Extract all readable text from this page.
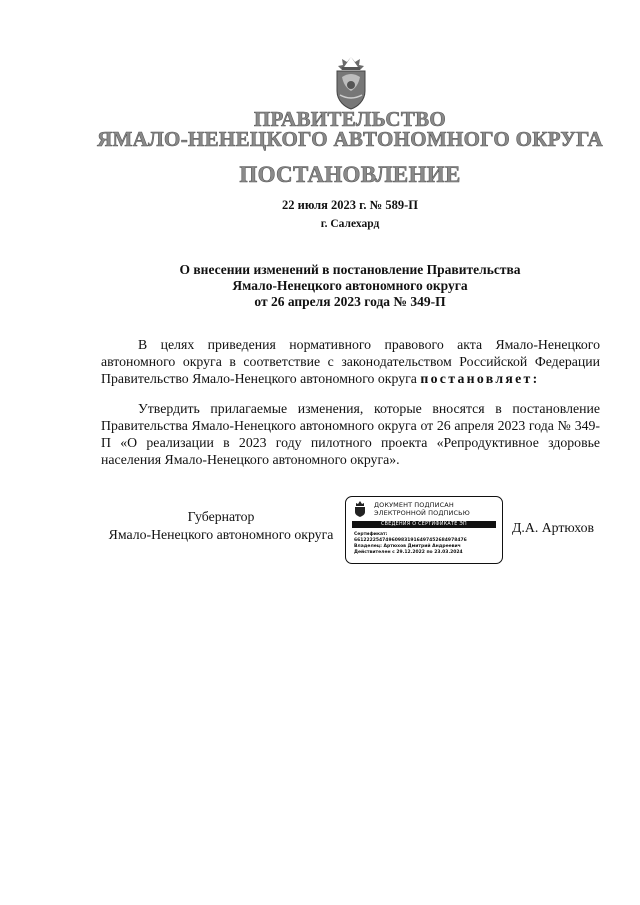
ПРАВИТЕЛЬСТВО
ЯМАЛО-НЕНЕЦКОГО АВТОНОМНОГО ОКРУГА
ПОСТАНОВЛЕНИЕ
22 июля 2023 г. № 589-П
г. Салехард
О внесении изменений в постановление Правительства
Ямало-Ненецкого автономного округа
от 26 апреля 2023 года № 349-П
В целях приведения нормативного правового акта Ямало-Ненецкого автономного округа в соответствие с законодательством Российской Федерации Правительство Ямало-Ненецкого автономного округа постановляет:
Утвердить прилагаемые изменения, которые вносятся в постановление Правительства Ямало-Ненецкого автономного округа от 26 апреля 2023 года № 349-П «О реализации в 2023 году пилотного проекта «Репродуктивное здоровье населения Ямало-Ненецкого автономного округа».
Губернатор
Ямало-Ненецкого автономного округа
ДОКУМЕНТ ПОДПИСАН
ЭЛЕКТРОННОЙ ПОДПИСЬЮ
СВЕДЕНИЯ О СЕРТИФИКАТЕ ЭП
Сертификат:
661222254749609831916497452684978476
Владелец: Артюхов Дмитрий Андреевич
Действителен с 29.12.2022 по 23.03.2024
Д.А. Артюхов
